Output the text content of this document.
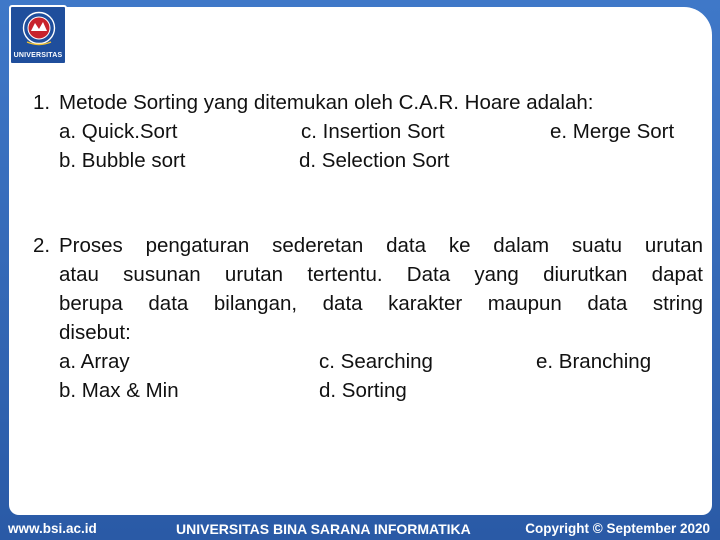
UNIVERSITAS
1. Metode Sorting yang ditemukan oleh C.A.R. Hoare adalah:
a. Quick.Sort	c. Insertion Sort	e. Merge Sort
b. Bubble sort	d. Selection Sort
2. Proses pengaturan sederetan data ke dalam suatu urutan
atau susunan urutan tertentu. Data yang diurutkan dapat
berupa data bilangan, data karakter maupun data string
disebut:
a. Array	c. Searching	e. Branching
b. Max & Min	d. Sorting
www.bsi.ac.id	UNIVERSITAS BINA SARANA INFORMATIKA	Copyright © September 2020
